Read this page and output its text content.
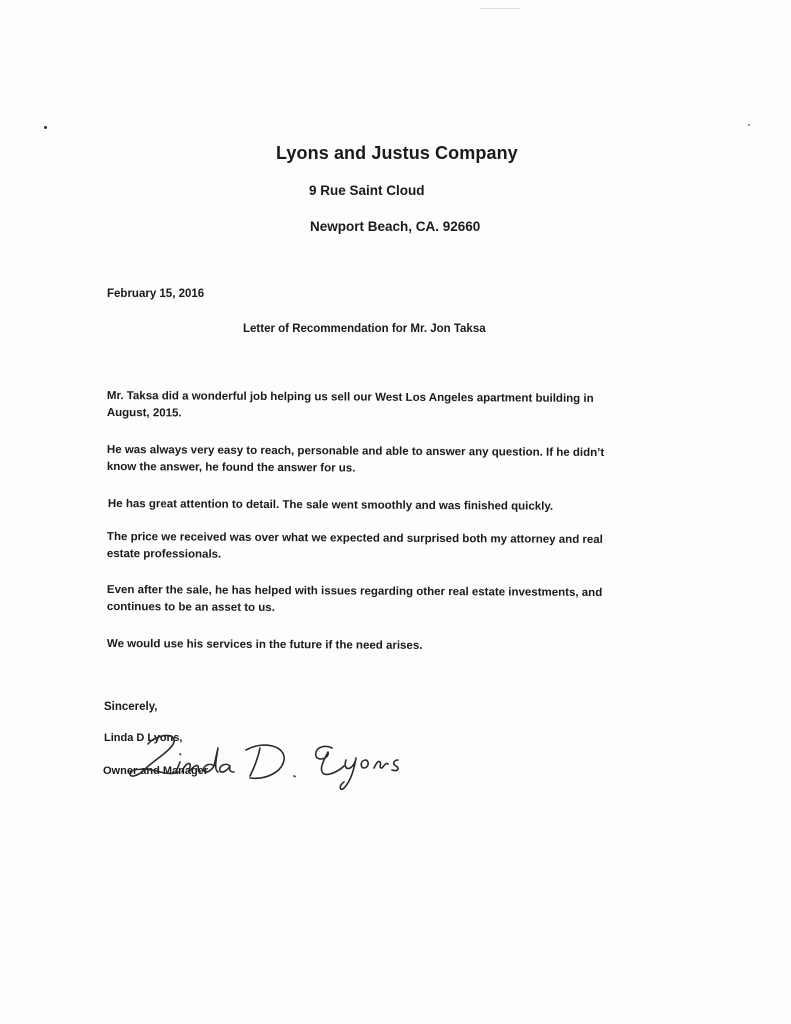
Lyons and Justus Company

9 Rue Saint Cloud

Newport Beach, CA. 92660

February 15, 2016

Letter of Recommendation for Mr. Jon Taksa

Mr. Taksa did a wonderful job helping us sell our West Los Angeles apartment building in
August, 2015.

He was always very easy to reach, personable and able to answer any question. If he didn’t
know the answer, he found the answer for us.

He has great attention to detail. The sale went smoothly and was finished quickly.

The price we received was over what we expected and surprised both my attorney and real
estate professionals.

Even after the sale, he has helped with issues regarding other real estate investments, and
continues to be an asset to us.

We would use his services in the future if the need arises.

Sincerely,

Linda D Lyons,

Owner and Manager
